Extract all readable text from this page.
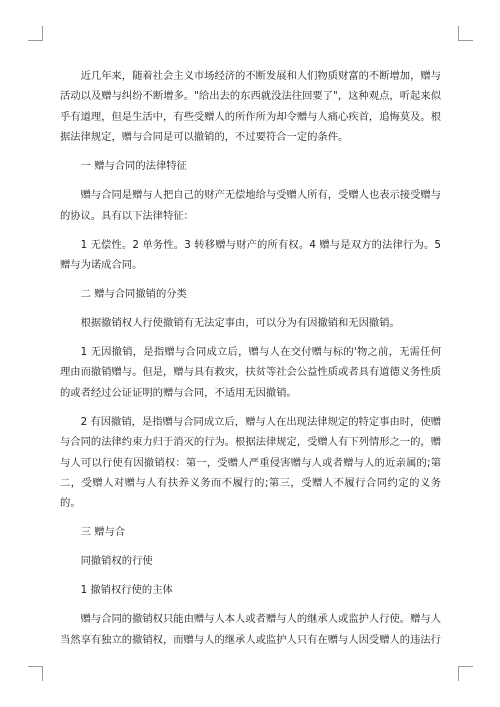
近几年来，随着社会主义市场经济的不断发展和人们物质财富的不断增加，赠与活动以及赠与纠纷不断增多。"给出去的东西就没法往回要了"，这种观点，听起来似乎有道理，但是生活中，有些受赠人的所作所为却令赠与人痛心疾首，追悔莫及。根据法律规定，赠与合同是可以撤销的，不过要符合一定的条件。

一 赠与合同的法律特征

赠与合同是赠与人把自己的财产无偿地给与受赠人所有，受赠人也表示接受赠与的协议。具有以下法律特征：

1 无偿性。2 单务性。3 转移赠与财产的所有权。4 赠与是双方的法律行为。5 赠与为诺成合同。

二 赠与合同撤销的分类

根据撤销权人行使撤销有无法定事由，可以分为有因撤销和无因撤销。

1 无因撤销，是指赠与合同成立后，赠与人在交付赠与标的'物之前，无需任何理由而撤销赠与。但是，赠与具有救灾，扶贫等社会公益性质或者具有道德义务性质的或者经过公证证明的赠与合同，不适用无因撤销。

2 有因撤销，是指赠与合同成立后，赠与人在出现法律规定的特定事由时，使赠与合同的法律约束力归于消灭的行为。根据法律规定，受赠人有下列情形之一的，赠与人可以行使有因撤销权：第一，受赠人严重侵害赠与人或者赠与人的近亲属的;第二，受赠人对赠与人有扶养义务而不履行的;第三，受赠人不履行合同约定的义务的。

三 赠与合

同撤销权的行使

1 撤销权行使的主体

赠与合同的撤销权只能由赠与人本人或者赠与人的继承人或监护人行使。赠与人当然享有独立的撤销权，而赠与人的继承人或监护人只有在赠与人因受赠人的违法行
